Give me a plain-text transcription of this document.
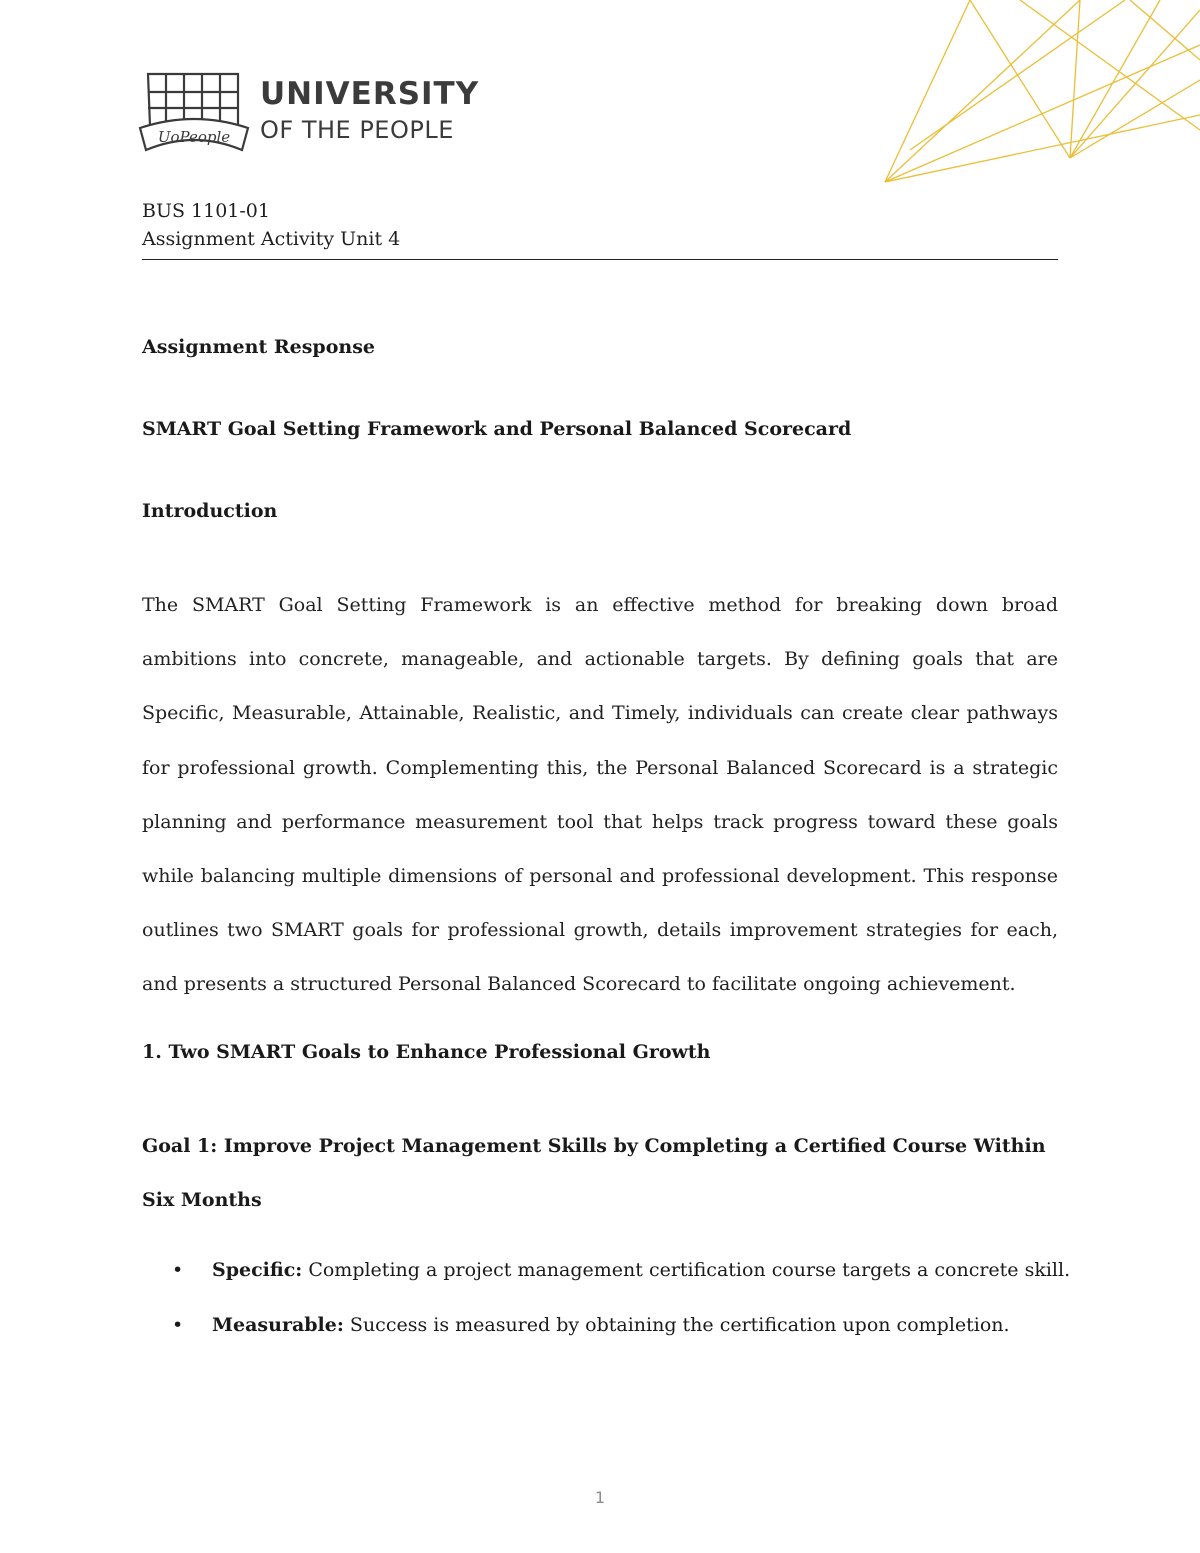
UoPeople
UNIVERSITY
OF THE PEOPLE
BUS 1101-01
Assignment Activity Unit 4
Assignment Response
SMART Goal Setting Framework and Personal Balanced Scorecard
Introduction

The SMART Goal Setting Framework is an effective method for breaking down broad ambitions into concrete, manageable, and actionable targets. By defining goals that are Specific, Measurable, Attainable, Realistic, and Timely, individuals can create clear pathways for professional growth. Complementing this, the Personal Balanced Scorecard is a strategic planning and performance measurement tool that helps track progress toward these goals while balancing multiple dimensions of personal and professional development. This response outlines two SMART goals for professional growth, details improvement strategies for each, and presents a structured Personal Balanced Scorecard to facilitate ongoing achievement.

1. Two SMART Goals to Enhance Professional Growth

Goal 1: Improve Project Management Skills by Completing a Certified Course Within Six Months

• Specific: Completing a project management certification course targets a concrete skill.
• Measurable: Success is measured by obtaining the certification upon completion.
1
